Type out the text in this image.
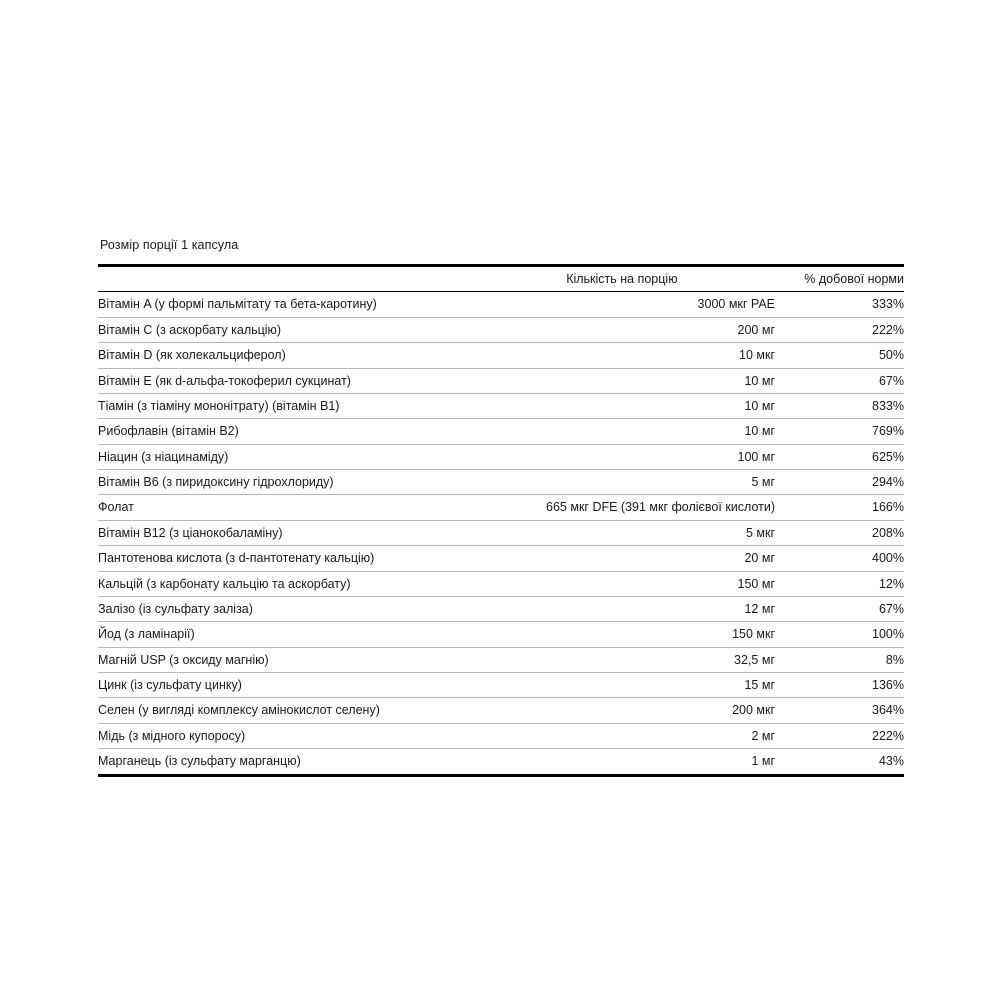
Розмір порції 1 капсула

	Кількість на порцію	% добової норми
Вітамін A (у формі пальмітату та бета-каротину)	3000 мкг PAE	333%
Вітамін C (з аскорбату кальцію)	200 мг	222%
Вітамін D (як холекальциферол)	10 мкг	50%
Вітамін E (як d-альфа-токоферил сукцинат)	10 мг	67%
Тіамін (з тіаміну мононітрату) (вітамін B1)	10 мг	833%
Рибофлавін (вітамін B2)	10 мг	769%
Ніацин (з ніацинаміду)	100 мг	625%
Вітамін B6 (з пиридоксину гідрохлориду)	5 мг	294%
Фолат	665 мкг DFE (391 мкг фолієвої кислоти)	166%
Вітамін B12 (з ціанокобаламіну)	5 мкг	208%
Пантотенова кислота (з d-пантотенату кальцію)	20 мг	400%
Кальцій (з карбонату кальцію та аскорбату)	150 мг	12%
Залізо (із сульфату заліза)	12 мг	67%
Йод (з ламінарії)	150 мкг	100%
Магній USP (з оксиду магнію)	32,5 мг	8%
Цинк (із сульфату цинку)	15 мг	136%
Селен (у вигляді комплексу амінокислот селену)	200 мкг	364%
Мідь (з мідного купоросу)	2 мг	222%
Марганець (із сульфату марганцю)	1 мг	43%
